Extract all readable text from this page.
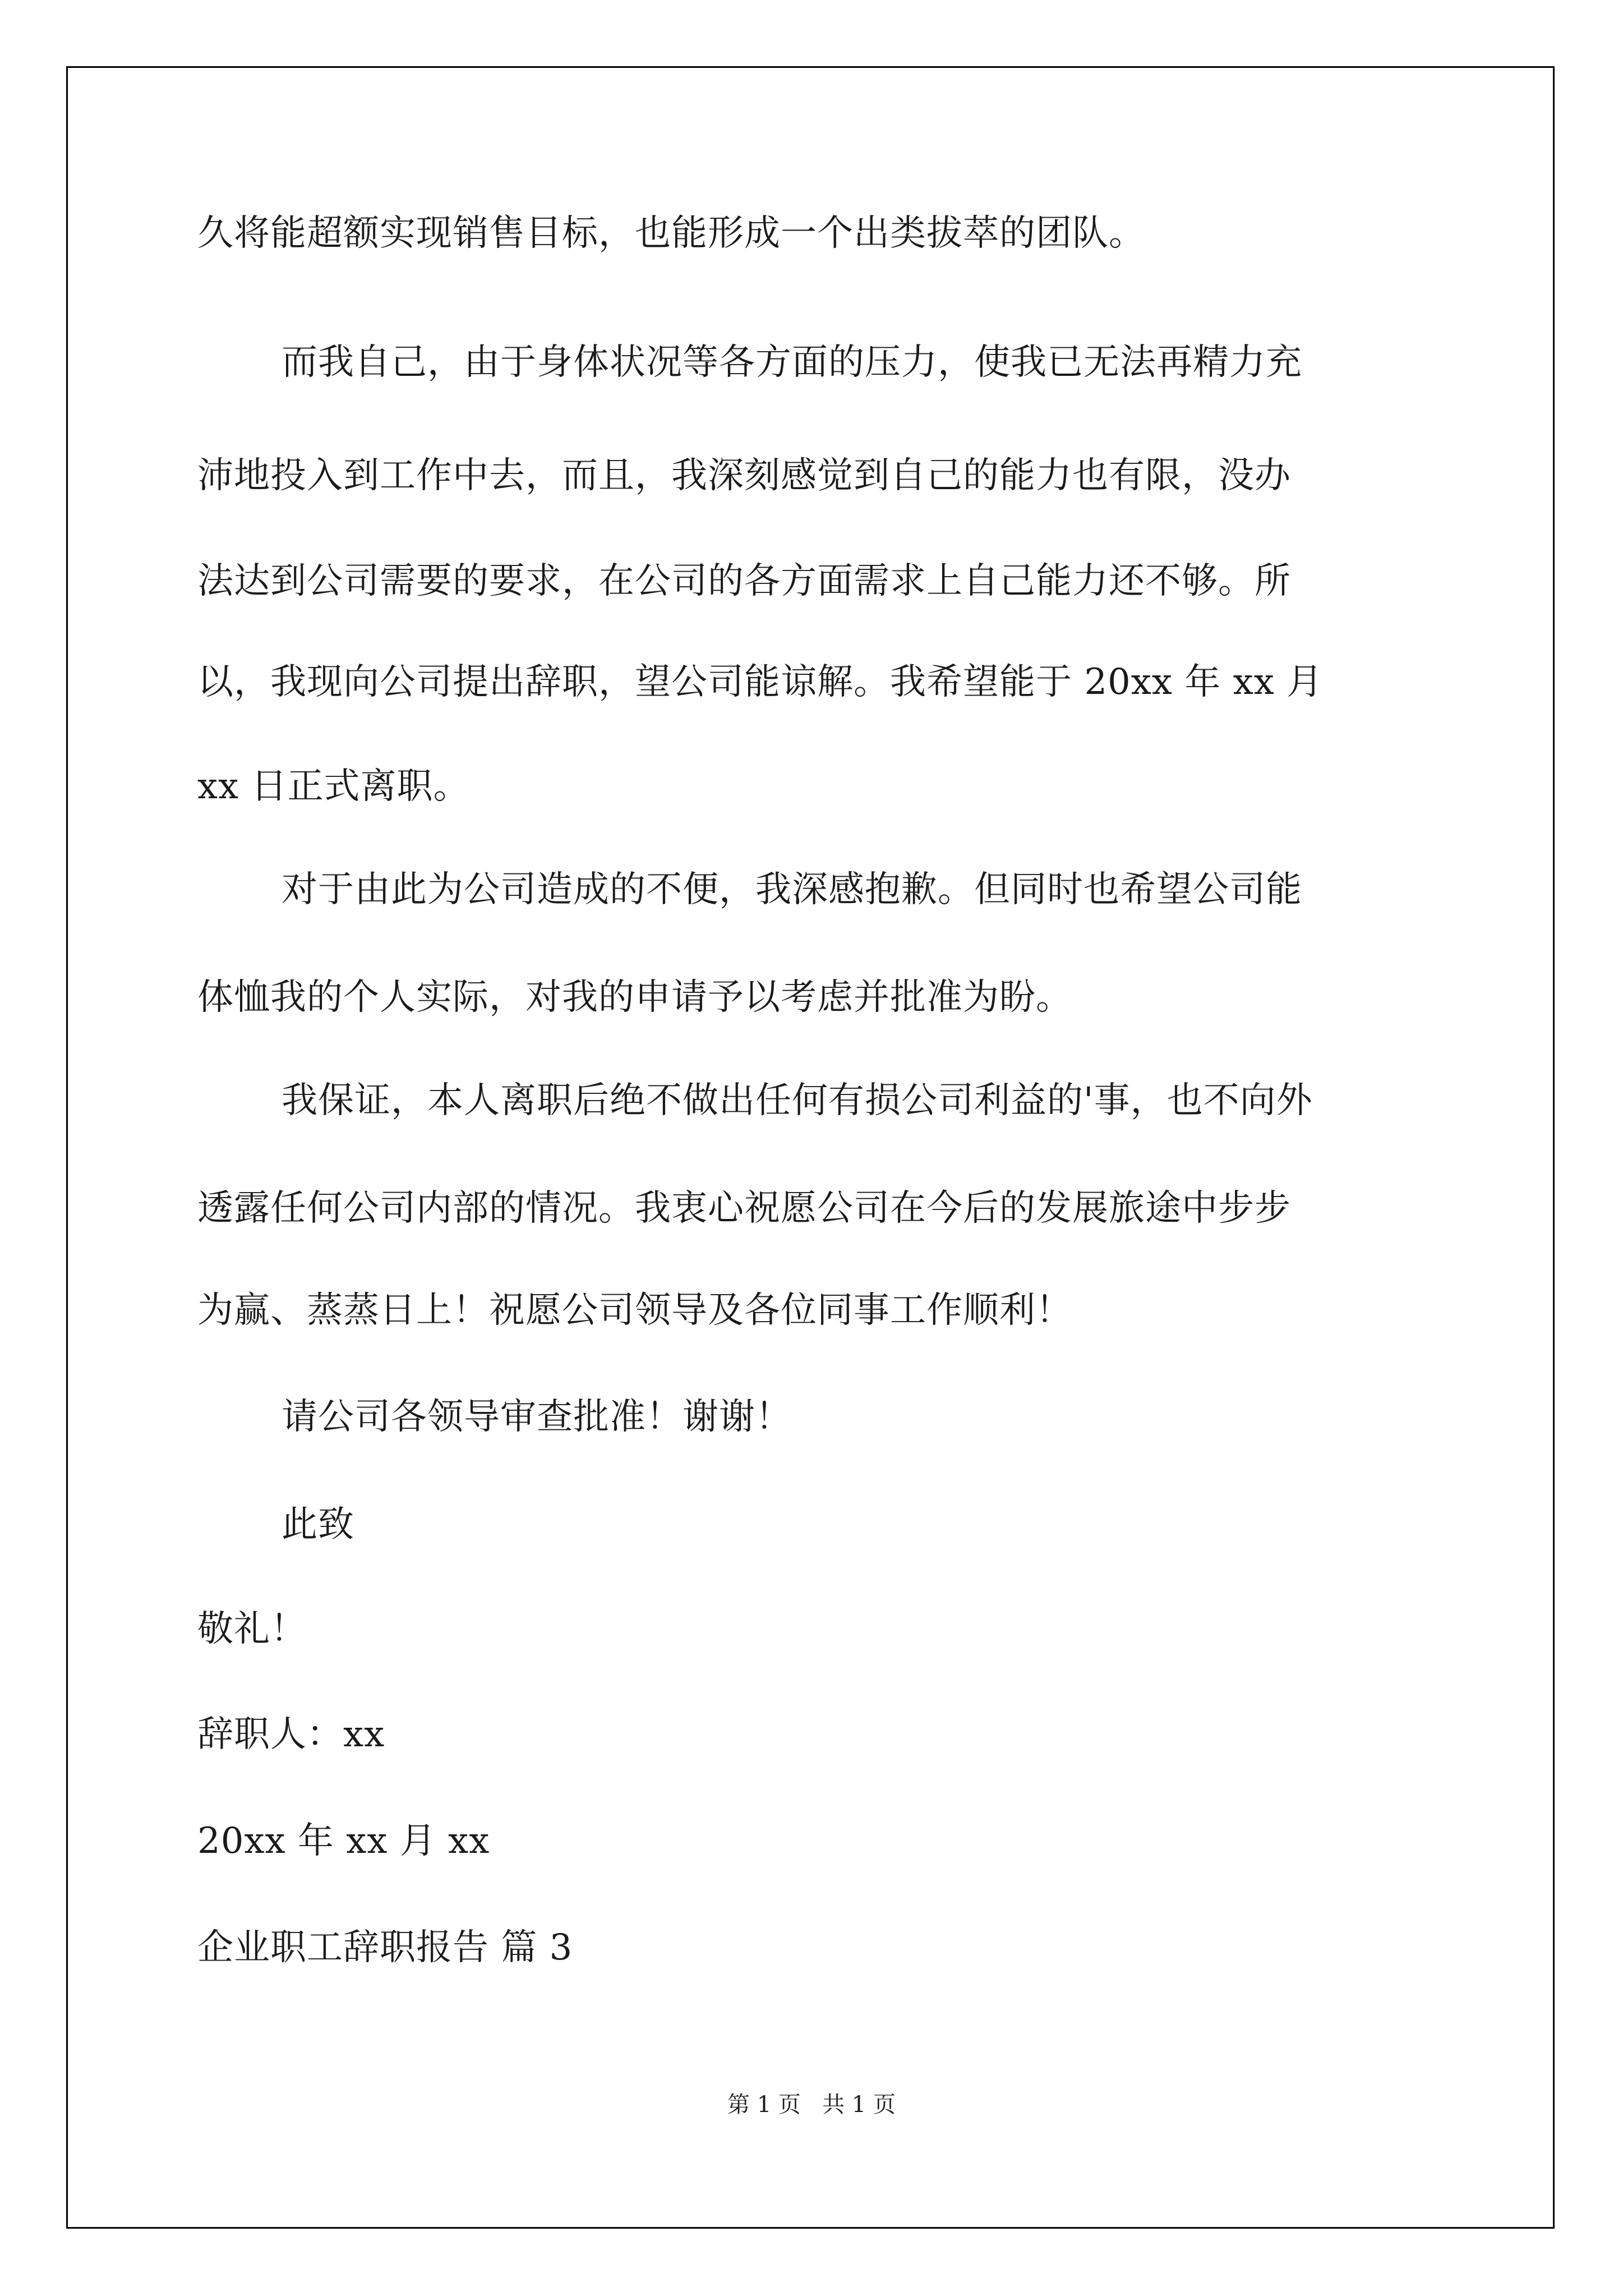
久将能超额实现销售目标，也能形成一个出类拔萃的团队。
而我自己，由于身体状况等各方面的压力，使我已无法再精力充
沛地投入到工作中去，而且，我深刻感觉到自己的能力也有限，没办
法达到公司需要的要求，在公司的各方面需求上自己能力还不够。所
以，我现向公司提出辞职，望公司能谅解。我希望能于 20xx 年 xx 月
xx 日正式离职。
对于由此为公司造成的不便，我深感抱歉。但同时也希望公司能
体恤我的个人实际，对我的申请予以考虑并批准为盼。
我保证，本人离职后绝不做出任何有损公司利益的'事，也不向外
透露任何公司内部的情况。我衷心祝愿公司在今后的发展旅途中步步
为赢、蒸蒸日上！祝愿公司领导及各位同事工作顺利！
请公司各领导审查批准！谢谢！
此致
敬礼！
辞职人：xx
20xx 年 xx 月 xx
企业职工辞职报告 篇 3
第 1 页   共 1 页
